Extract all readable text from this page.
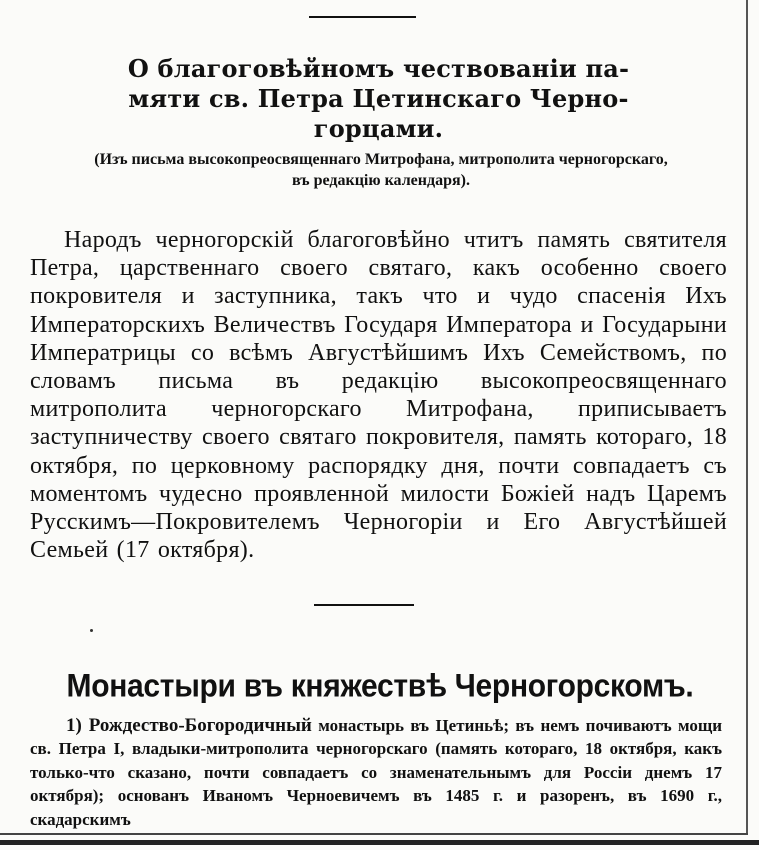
О благоговѣйномъ чествованіи па-
мяти св. Петра Цетинскаго Черно-
горцами.
(Изъ письма высокопреосвященнаго Митрофана, митрополита черногорскаго,
въ редакцію календаря).

Народъ черногорскій благоговѣйно чтитъ память святителя Петра, царственнаго своего святаго, какъ особенно своего покровителя и заступника, такъ что и чудо спасенія Ихъ Императорскихъ Величествъ Государя Императора и Государыни Императрицы со всѣмъ Августѣйшимъ Ихъ Семействомъ, по словамъ письма въ редакцію высокопреосвященнаго митрополита черногорскаго Митрофана, приписываетъ заступничеству своего святаго покровителя, память котораго, 18 октября, по церковному распорядку дня, почти совпадаетъ съ моментомъ чудесно проявленной милости Божіей надъ Царемъ Русскимъ—Покровителемъ Черногоріи и Его Августѣйшей Семьей (17 октября).

Монастыри въ княжествѣ Черногорскомъ.

1) Рождество-Богородичный монастырь въ Цетиньѣ; въ немъ почиваютъ мощи св. Петра I, владыки-митрополита черногорскаго (память котораго, 18 октября, какъ только-что сказано, почти совпадаетъ со знаменательнымъ для Россіи днемъ 17 октября); основанъ Иваномъ Черноевичемъ въ 1485 г. и разоренъ, въ 1690 г., скадарскимъ
